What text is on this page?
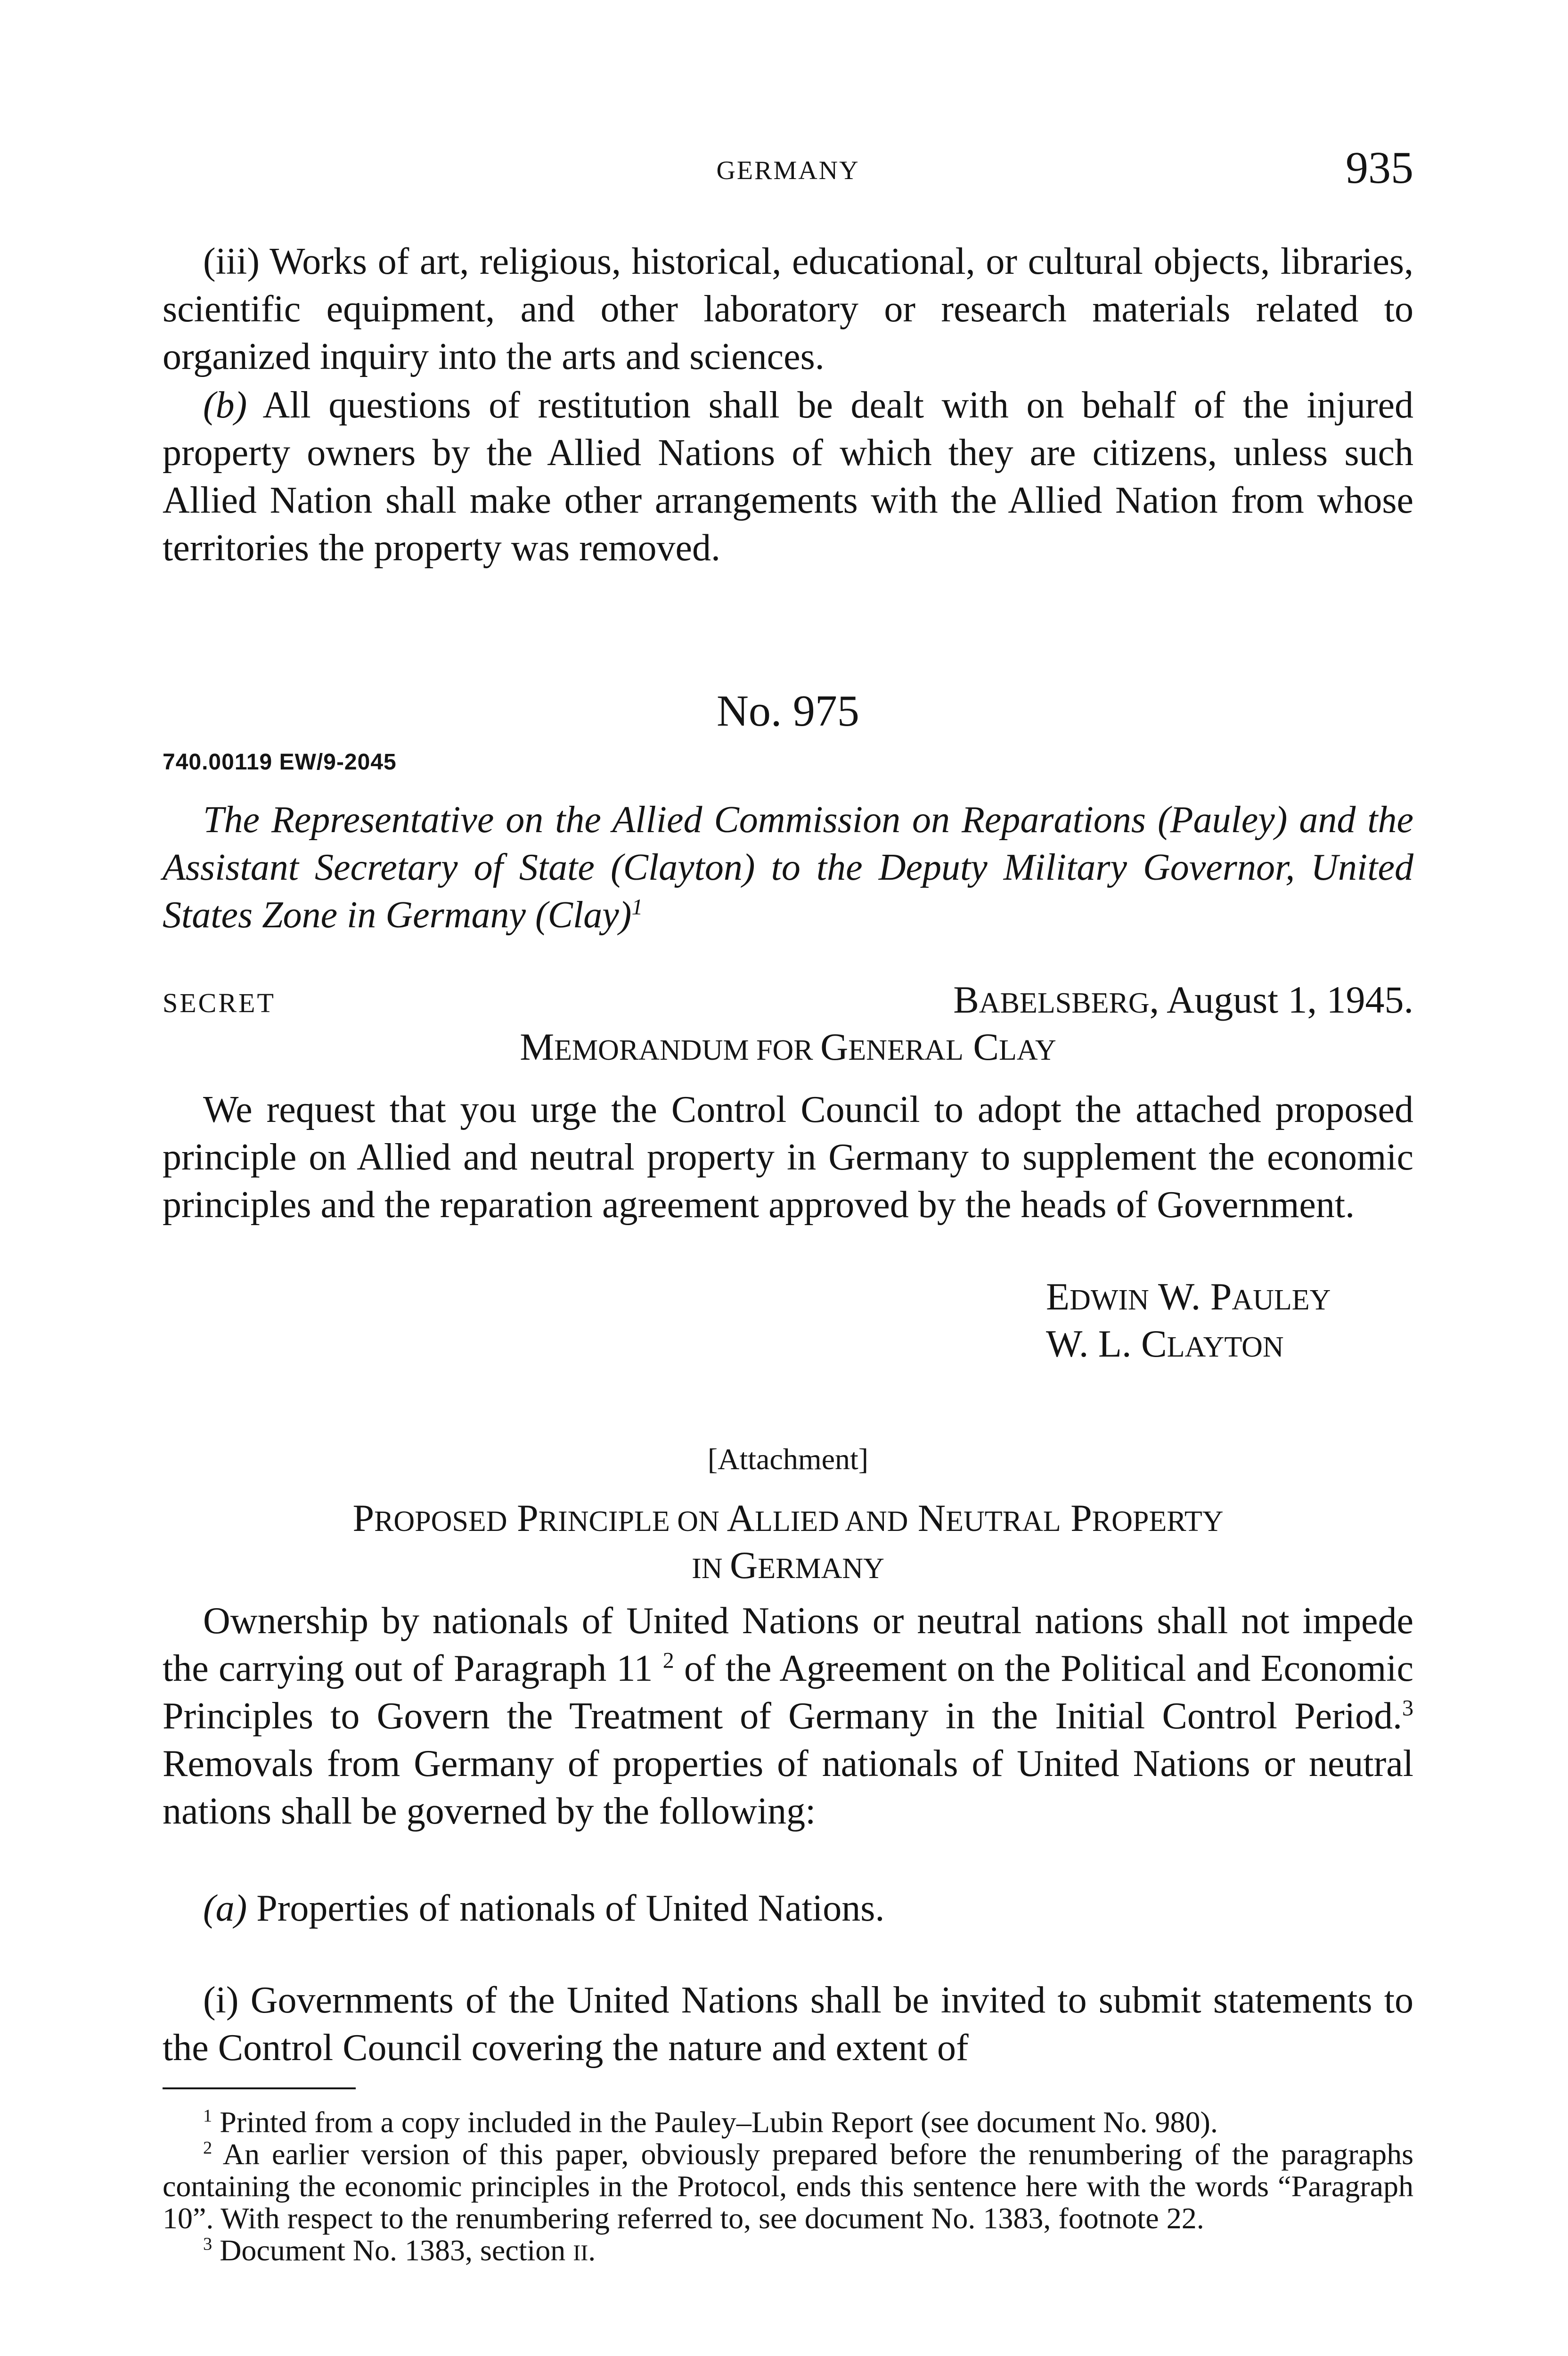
GERMANY	935

(iii) Works of art, religious, historical, educational, or cultural objects, libraries, scientific equipment, and other laboratory or research materials related to organized inquiry into the arts and sciences.

(b) All questions of restitution shall be dealt with on behalf of the injured property owners by the Allied Nations of which they are citizens, unless such Allied Nation shall make other arrangements with the Allied Nation from whose territories the property was removed.

No. 975
740.00119 EW/9-2045

The Representative on the Allied Commission on Reparations (Pauley) and the Assistant Secretary of State (Clayton) to the Deputy Military Governor, United States Zone in Germany (Clay)$^1$

SECRET	BABELSBERG, August 1, 1945.
MEMORANDUM FOR GENERAL CLAY

We request that you urge the Control Council to adopt the attached proposed principle on Allied and neutral property in Germany to supplement the economic principles and the reparation agreement approved by the heads of Government.

EDWIN W. PAULEY
W. L. CLAYTON
[Attachment]
PROPOSED PRINCIPLE ON ALLIED AND NEUTRAL PROPERTY
IN GERMANY

Ownership by nationals of United Nations or neutral nations shall not impede the carrying out of Paragraph 11 $^2$ of the Agreement on the Political and Economic Principles to Govern the Treatment of Germany in the Initial Control Period.$^3$ Removals from Germany of properties of nationals of United Nations or neutral nations shall be governed by the following:

(a) Properties of nationals of United Nations.

(i) Governments of the United Nations shall be invited to submit statements to the Control Council covering the nature and extent of

$^1$ Printed from a copy included in the Pauley–Lubin Report (see document No. 980).

$^2$ An earlier version of this paper, obviously prepared before the renumbering of the paragraphs containing the economic principles in the Protocol, ends this sentence here with the words “Paragraph 10”. With respect to the renumbering referred to, see document No. 1383, footnote 22.

$^3$ Document No. 1383, section II.
